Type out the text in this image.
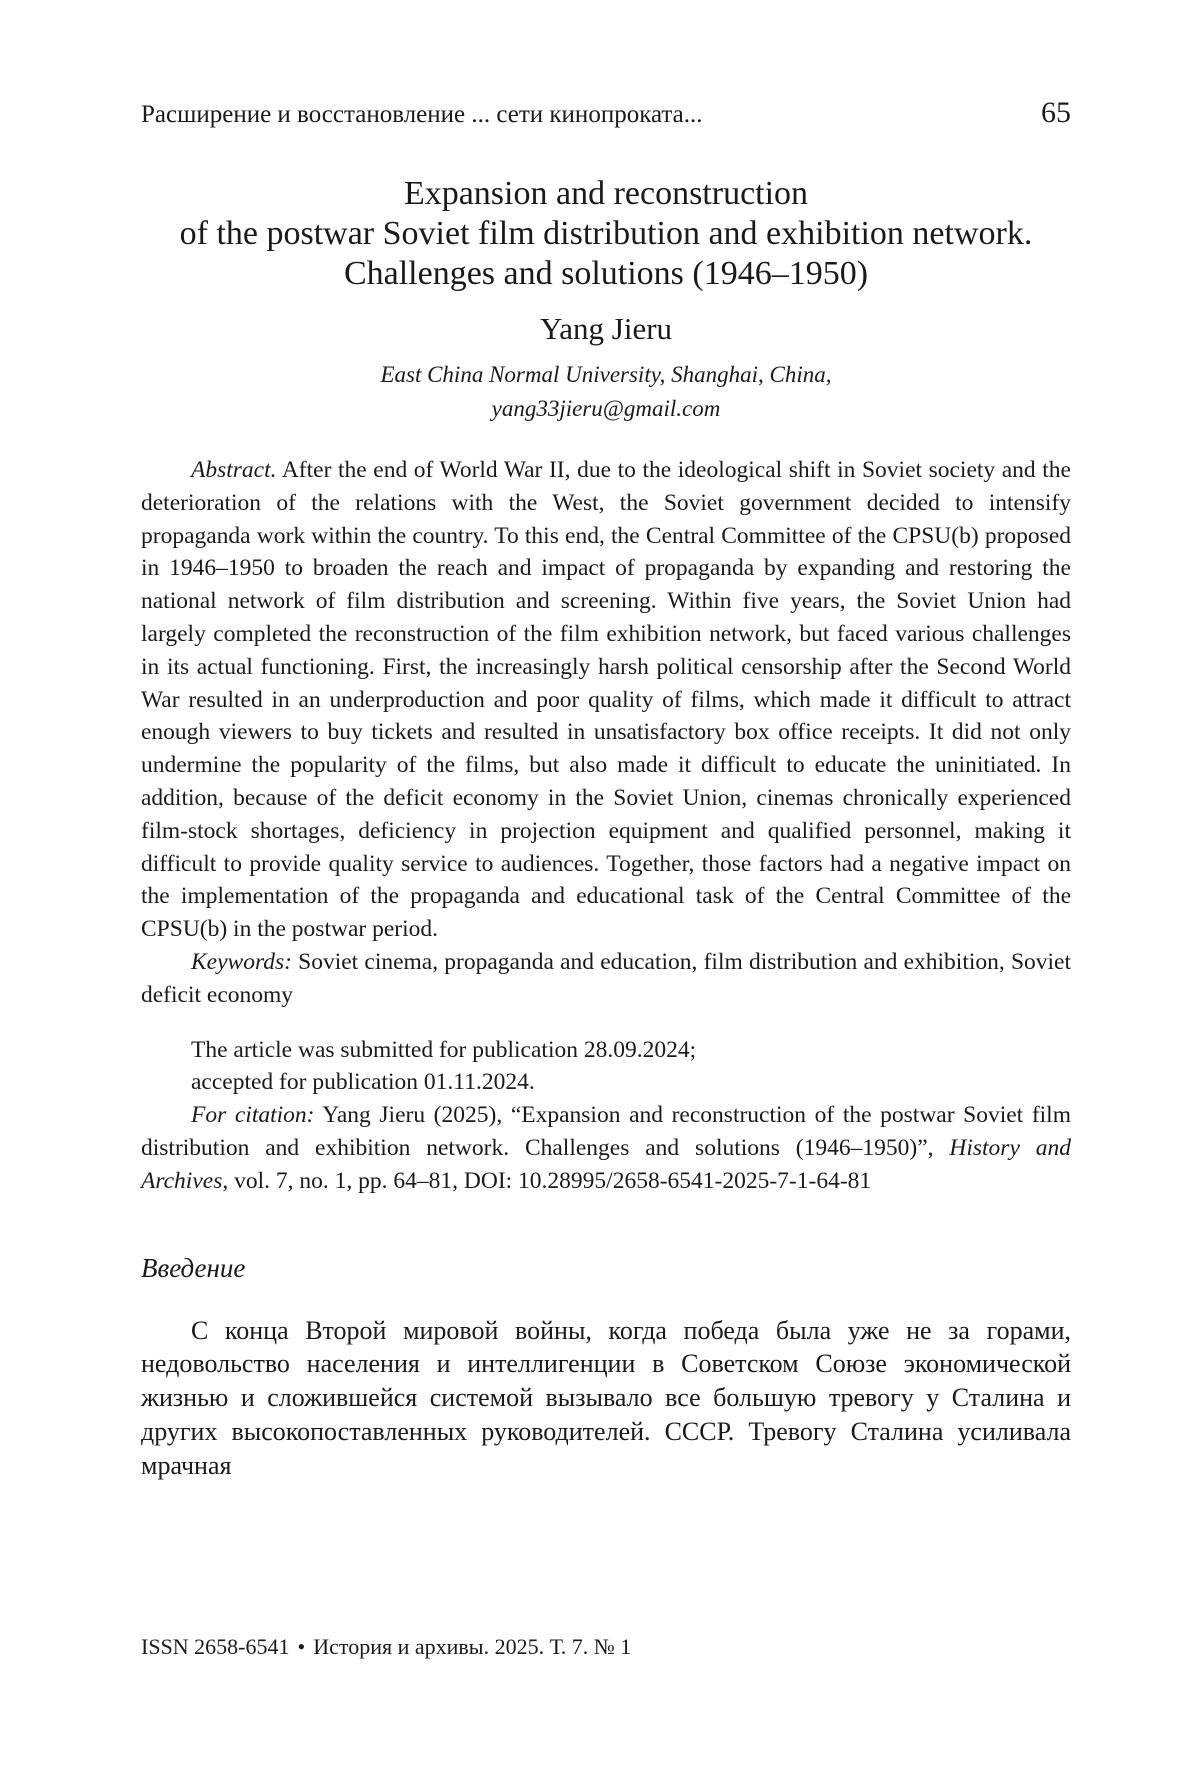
Расширение и восстановление ... сети кинопроката...	65
Expansion and reconstruction
of the postwar Soviet film distribution and exhibition network.
Challenges and solutions (1946–1950)
Yang Jieru
East China Normal University, Shanghai, China,
yang33jieru@gmail.com

Abstract. After the end of World War II, due to the ideological shift in Soviet society and the deterioration of the relations with the West, the Soviet government decided to intensify propaganda work within the country. To this end, the Central Committee of the CPSU(b) proposed in 1946–1950 to broaden the reach and impact of propaganda by expanding and restoring the national network of film distribution and screening. Within five years, the Soviet Union had largely completed the reconstruction of the film exhibition network, but faced various challenges in its actual functioning. First, the increasingly harsh political censorship after the Second World War resulted in an underproduction and poor quality of films, which made it difficult to attract enough viewers to buy tickets and resulted in unsatisfactory box office receipts. It did not only undermine the popularity of the films, but also made it difficult to educate the uninitiated. In addition, because of the deficit economy in the Soviet Union, cinemas chronically experienced film-stock shortages, deficiency in projection equipment and qualified personnel, making it difficult to provide quality service to audiences. Together, those factors had a negative impact on the implementation of the propaganda and educational task of the Central Committee of the CPSU(b) in the postwar period.

Keywords: Soviet cinema, propaganda and education, film distribution and exhibition, Soviet deficit economy

The article was submitted for publication 28.09.2024;
accepted for publication 01.11.2024.

For citation: Yang Jieru (2025), “Expansion and reconstruction of the postwar Soviet film distribution and exhibition network. Challenges and solutions (1946–1950)”, History and Archives, vol. 7, no. 1, pp. 64–81, DOI: 10.28995/2658-6541-2025-7-1-64-81

Введение

С конца Второй мировой войны, когда победа была уже не за горами, недовольство населения и интеллигенции в Советском Союзе экономической жизнью и сложившейся системой вызывало все большую тревогу у Сталина и других высокопоставленных руководителей. СССР. Тревогу Сталина усиливала мрачная

ISSN 2658-6541 • История и архивы. 2025. Т. 7. № 1
